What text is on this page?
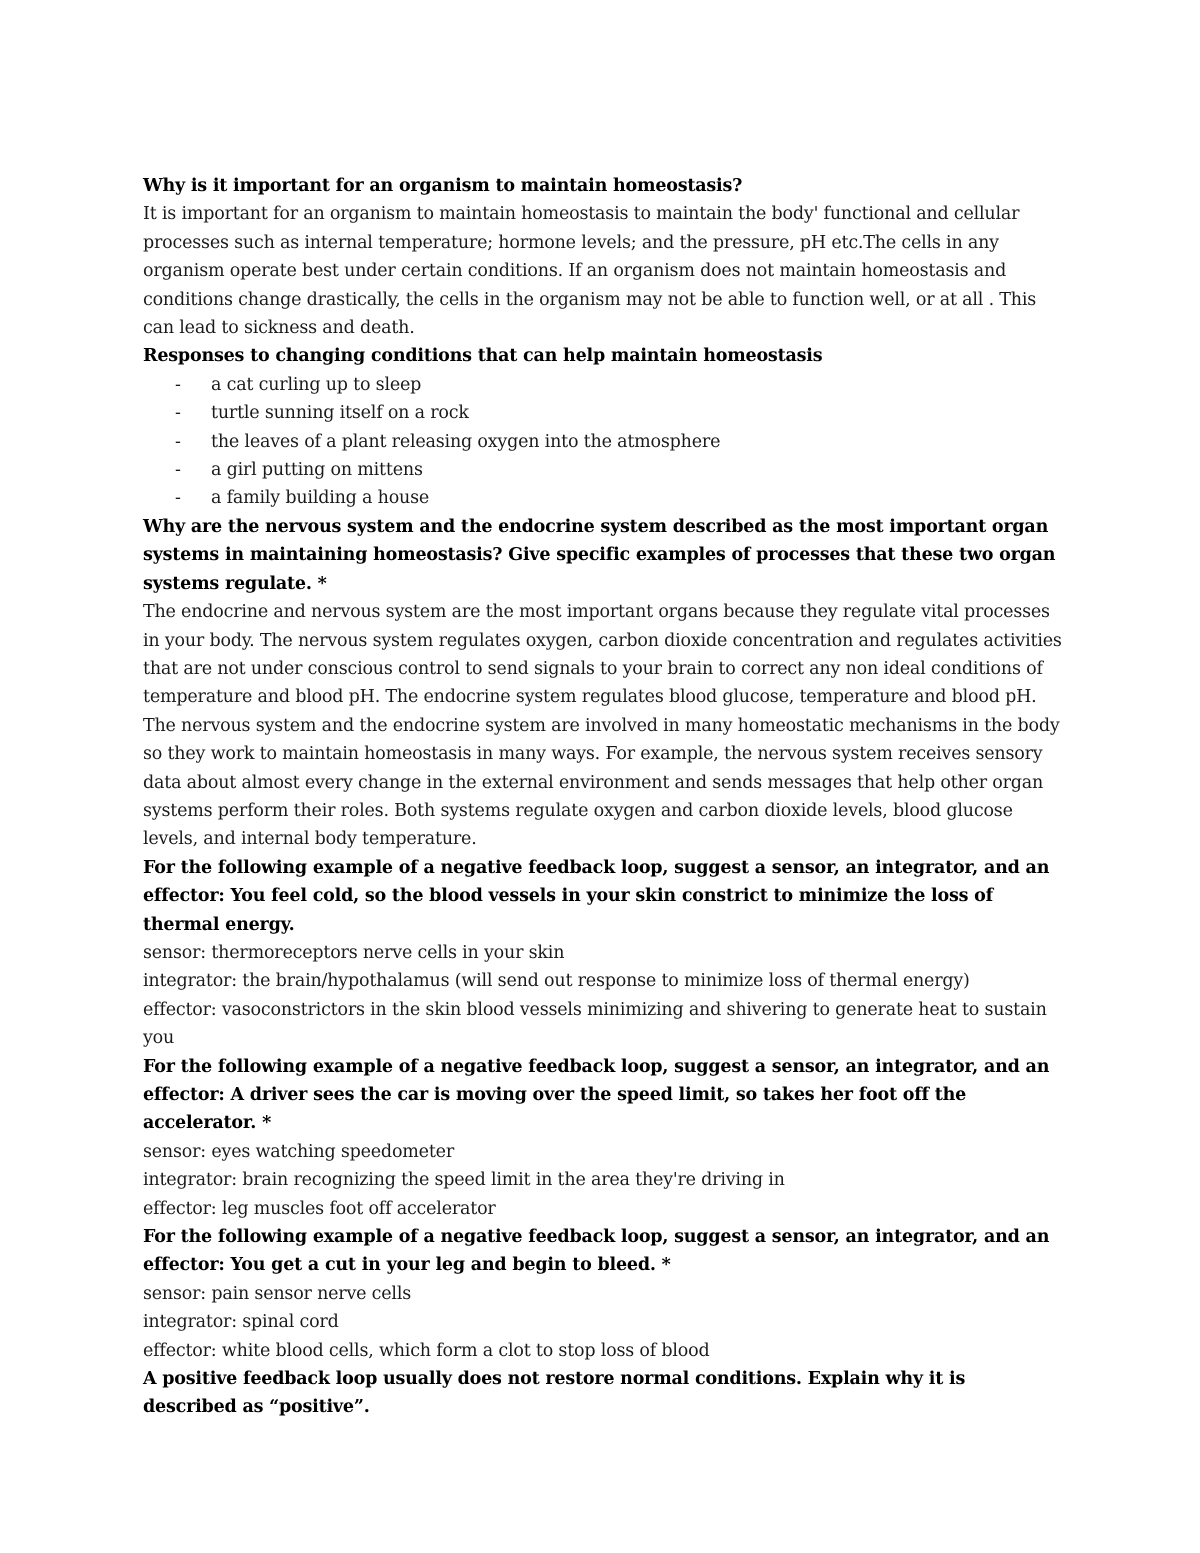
Why is it important for an organism to maintain homeostasis?

It is important for an organism to maintain homeostasis to maintain the body' functional and cellular processes such as internal temperature; hormone levels; and the pressure, pH etc.The cells in any organism operate best under certain conditions. If an organism does not maintain homeostasis and conditions change drastically, the cells in the organism may not be able to function well, or at all . This can lead to sickness and death.

Responses to changing conditions that can help maintain homeostasis

- a cat curling up to sleep
- turtle sunning itself on a rock
- the leaves of a plant releasing oxygen into the atmosphere
- a girl putting on mittens
- a family building a house

Why are the nervous system and the endocrine system described as the most important organ systems in maintaining homeostasis? Give specific examples of processes that these two organ systems regulate. *

The endocrine and nervous system are the most important organs because they regulate vital processes in your body. The nervous system regulates oxygen, carbon dioxide concentration and regulates activities that are not under conscious control to send signals to your brain to correct any non ideal conditions of temperature and blood pH. The endocrine system regulates blood glucose, temperature and blood pH. The nervous system and the endocrine system are involved in many homeostatic mechanisms in the body so they work to maintain homeostasis in many ways. For example, the nervous system receives sensory data about almost every change in the external environment and sends messages that help other organ systems perform their roles. Both systems regulate oxygen and carbon dioxide levels, blood glucose levels, and internal body temperature.

For the following example of a negative feedback loop, suggest a sensor, an integrator, and an effector: You feel cold, so the blood vessels in your skin constrict to minimize the loss of thermal energy.

sensor: thermoreceptors nerve cells in your skin

integrator: the brain/hypothalamus (will send out response to minimize loss of thermal energy)

effector: vasoconstrictors in the skin blood vessels minimizing and shivering to generate heat to sustain you

For the following example of a negative feedback loop, suggest a sensor, an integrator, and an effector: A driver sees the car is moving over the speed limit, so takes her foot off the accelerator. *

sensor: eyes watching speedometer

integrator: brain recognizing the speed limit in the area they're driving in

effector: leg muscles foot off accelerator

For the following example of a negative feedback loop, suggest a sensor, an integrator, and an effector: You get a cut in your leg and begin to bleed. *

sensor: pain sensor nerve cells

integrator: spinal cord

effector: white blood cells, which form a clot to stop loss of blood

A positive feedback loop usually does not restore normal conditions. Explain why it is described as “positive”.
